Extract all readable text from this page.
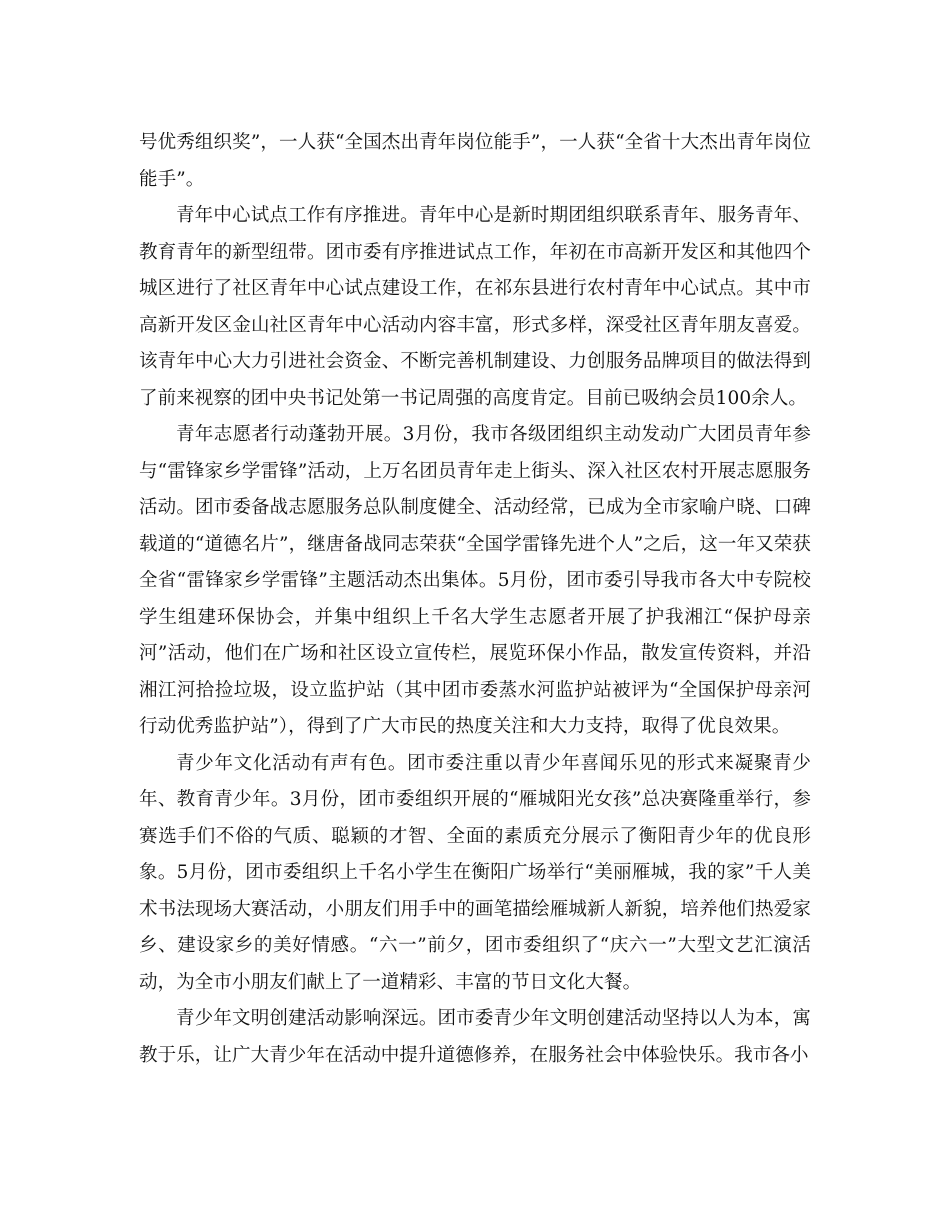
号优秀组织奖”，一人获“全国杰出青年岗位能手”，一人获“全省十大杰出青年岗位能手”。

青年中心试点工作有序推进。青年中心是新时期团组织联系青年、服务青年、教育青年的新型纽带。团市委有序推进试点工作，年初在市高新开发区和其他四个城区进行了社区青年中心试点建设工作，在祁东县进行农村青年中心试点。其中市高新开发区金山社区青年中心活动内容丰富，形式多样，深受社区青年朋友喜爱。该青年中心大力引进社会资金、不断完善机制建设、力创服务品牌项目的做法得到了前来视察的团中央书记处第一书记周强的高度肯定。目前已吸纳会员100余人。

青年志愿者行动蓬勃开展。3月份，我市各级团组织主动发动广大团员青年参与“雷锋家乡学雷锋”活动，上万名团员青年走上街头、深入社区农村开展志愿服务活动。团市委备战志愿服务总队制度健全、活动经常，已成为全市家喻户晓、口碑载道的“道德名片”，继唐备战同志荣获“全国学雷锋先进个人”之后，这一年又荣获全省“雷锋家乡学雷锋”主题活动杰出集体。5月份，团市委引导我市各大中专院校学生组建环保协会，并集中组织上千名大学生志愿者开展了护我湘江“保护母亲河”活动，他们在广场和社区设立宣传栏，展览环保小作品，散发宣传资料，并沿湘江河拾捡垃圾，设立监护站（其中团市委蒸水河监护站被评为“全国保护母亲河行动优秀监护站”），得到了广大市民的热度关注和大力支持，取得了优良效果。

青少年文化活动有声有色。团市委注重以青少年喜闻乐见的形式来凝聚青少年、教育青少年。3月份，团市委组织开展的“雁城阳光女孩”总决赛隆重举行，参赛选手们不俗的气质、聪颖的才智、全面的素质充分展示了衡阳青少年的优良形象。5月份，团市委组织上千名小学生在衡阳广场举行“美丽雁城，我的家”千人美术书法现场大赛活动，小朋友们用手中的画笔描绘雁城新人新貌，培养他们热爱家乡、建设家乡的美好情感。“六一”前夕，团市委组织了“庆六一”大型文艺汇演活动，为全市小朋友们献上了一道精彩、丰富的节日文化大餐。

青少年文明创建活动影响深远。团市委青少年文明创建活动坚持以人为本，寓教于乐，让广大青少年在活动中提升道德修养，在服务社会中体验快乐。我市各小
